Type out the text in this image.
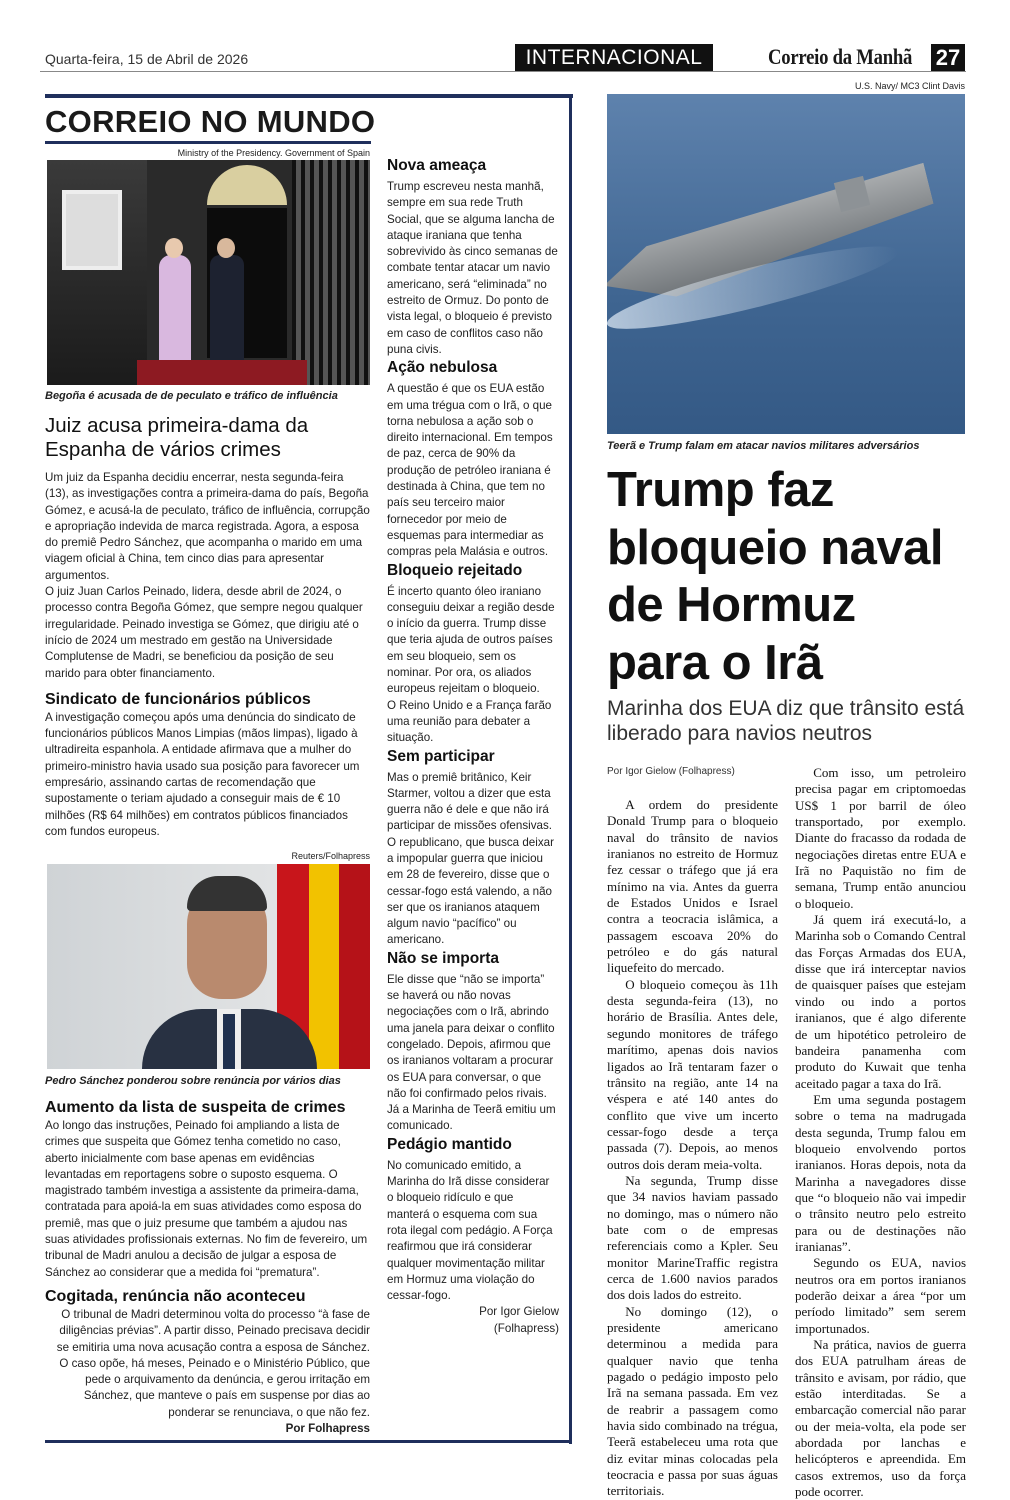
Quarta-feira, 15 de Abril de 2026	INTERNACIONAL	Correio da Manhã 27
CORREIO NO MUNDO
Ministry of the Presidency. Government of Spain
Begoña é acusada de de peculato e tráfico de influência
Juiz acusa primeira-dama da Espanha de vários crimes

Um juiz da Espanha decidiu encerrar, nesta segunda-feira (13), as investigações contra a primeira-dama do país, Begoña Gómez, e acusá-la de peculato, tráfico de influência, corrupção e apropriação indevida de marca registrada. Agora, a esposa do premiê Pedro Sánchez, que acompanha o marido em uma viagem oficial à China, tem cinco dias para apresentar argumentos.

O juiz Juan Carlos Peinado, lidera, desde abril de 2024, o processo contra Begoña Gómez, que sempre negou qualquer irregularidade. Peinado investiga se Gómez, que dirigiu até o início de 2024 um mestrado em gestão na Universidade Complutense de Madri, se beneficiou da posição de seu marido para obter financiamento.

Sindicato de funcionários públicos

A investigação começou após uma denúncia do sindicato de funcionários públicos Manos Limpias (mãos limpas), ligado à ultradireita espanhola. A entidade afirmava que a mulher do primeiro-ministro havia usado sua posição para favorecer um empresário, assinando cartas de recomendação que supostamente o teriam ajudado a conseguir mais de € 10 milhões (R$ 64 milhões) em contratos públicos financiados com fundos europeus.

Reuters/Folhapress
Pedro Sánchez ponderou sobre renúncia por vários dias
Aumento da lista de suspeita de crimes

Ao longo das instruções, Peinado foi ampliando a lista de crimes que suspeita que Gómez tenha cometido no caso, aberto inicialmente com base apenas em evidências levantadas em reportagens sobre o suposto esquema. O magistrado também investiga a assistente da primeira-dama, contratada para apoiá-la em suas atividades como esposa do premiê, mas que o juiz presume que também a ajudou nas suas atividades profissionais externas. No fim de fevereiro, um tribunal de Madri anulou a decisão de julgar a esposa de Sánchez ao considerar que a medida foi “prematura”.

Cogitada, renúncia não aconteceu

O tribunal de Madri determinou volta do processo “à fase de diligências prévias”. A partir disso, Peinado precisava decidir se emitiria uma nova acusação contra a esposa de Sánchez. O caso opõe, há meses, Peinado e o Ministério Público, que pede o arquivamento da denúncia, e gerou irritação em Sánchez, que manteve o país em suspense por dias ao ponderar se renunciava, o que não fez.

Por Folhapress
Nova ameaça

Trump escreveu nesta manhã, sempre em sua rede Truth Social, que se alguma lancha de ataque iraniana que tenha sobrevivido às cinco semanas de combate tentar atacar um navio americano, será “eliminada” no estreito de Ormuz. Do ponto de vista legal, o bloqueio é previsto em caso de conflitos caso não puna civis.

Ação nebulosa

A questão é que os EUA estão em uma trégua com o Irã, o que torna nebulosa a ação sob o direito internacional. Em tempos de paz, cerca de 90% da produção de petróleo iraniana é destinada à China, que tem no país seu terceiro maior fornecedor por meio de esquemas para intermediar as compras pela Malásia e outros.

Bloqueio rejeitado

É incerto quanto óleo iraniano conseguiu deixar a região desde o início da guerra. Trump disse que teria ajuda de outros países em seu bloqueio, sem os nominar. Por ora, os aliados europeus rejeitam o bloqueio.

O Reino Unido e a França farão uma reunião para debater a situação.

Sem participar

Mas o premiê britânico, Keir Starmer, voltou a dizer que esta guerra não é dele e que não irá participar de missões ofensivas. O republicano, que busca deixar a impopular guerra que iniciou em 28 de fevereiro, disse que o cessar-fogo está valendo, a não ser que os iranianos ataquem algum navio “pacífico” ou americano.

Não se importa

Ele disse que “não se importa” se haverá ou não novas negociações com o Irã, abrindo uma janela para deixar o conflito congelado. Depois, afirmou que os iranianos voltaram a procurar os EUA para conversar, o que não foi confirmado pelos rivais.

Já a Marinha de Teerã emitiu um comunicado.

Pedágio mantido

No comunicado emitido, a Marinha do Irã disse considerar o bloqueio ridículo e que manterá o esquema com sua rota ilegal com pedágio. A Força reafirmou que irá considerar qualquer movimentação militar em Hormuz uma violação do cessar-fogo.

Por Igor Gielow (Folhapress)
U.S. Navy/ MC3 Clint Davis
Teerã e Trump falam em atacar navios militares adversários
Trump faz
bloqueio naval
de Hormuz
para o Irã
Marinha dos EUA diz que trânsito está liberado para navios neutros
Por Igor Gielow (Folhapress)

A ordem do presidente Donald Trump para o bloqueio naval do trânsito de navios iranianos no estreito de Hormuz fez cessar o tráfego que já era mínimo na via. Antes da guerra de Estados Unidos e Israel contra a teocracia islâmica, a passagem escoava 20% do petróleo e do gás natural liquefeito do mercado.

O bloqueio começou às 11h desta segunda-feira (13), no horário de Brasília. Antes dele, segundo monitores de tráfego marítimo, apenas dois navios ligados ao Irã tentaram fazer o trânsito na região, ante 14 na véspera e até 140 antes do conflito que vive um incerto cessar-fogo desde a terça passada (7). Depois, ao menos outros dois deram meia-volta.

Na segunda, Trump disse que 34 navios haviam passado no domingo, mas o número não bate com o de empresas referenciais como a Kpler. Seu monitor MarineTraffic registra cerca de 1.600 navios parados dos dois lados do estreito.

No domingo (12), o presidente americano determinou a medida para qualquer navio que tenha pagado o pedágio imposto pelo Irã na semana passada. Em vez de reabrir a passagem como havia sido combinado na trégua, Teerã estabeleceu uma rota que diz evitar minas colocadas pela teocracia e passa por suas águas territoriais.

Com isso, um petroleiro precisa pagar em criptomoedas US$ 1 por barril de óleo transportado, por exemplo. Diante do fracasso da rodada de negociações diretas entre EUA e Irã no Paquistão no fim de semana, Trump então anunciou o bloqueio.

Já quem irá executá-lo, a Marinha sob o Comando Central das Forças Armadas dos EUA, disse que irá interceptar navios de quaisquer países que estejam vindo ou indo a portos iranianos, que é algo diferente de um hipotético petroleiro de bandeira panamenha com produto do Kuwait que tenha aceitado pagar a taxa do Irã.

Em uma segunda postagem sobre o tema na madrugada desta segunda, Trump falou em bloqueio envolvendo portos iranianos. Horas depois, nota da Marinha a navegadores disse que “o bloqueio não vai impedir o trânsito neutro pelo estreito para ou de destinações não iranianas”.

Segundo os EUA, navios neutros ora em portos iranianos poderão deixar a área “por um período limitado” sem serem importunados.

Na prática, navios de guerra dos EUA patrulham áreas de trânsito e avisam, por rádio, que estão interditadas. Se a embarcação comercial não parar ou der meia-volta, ela pode ser abordada por lanchas e helicópteros e apreendida. Em casos extremos, uso da força pode ocorrer.
